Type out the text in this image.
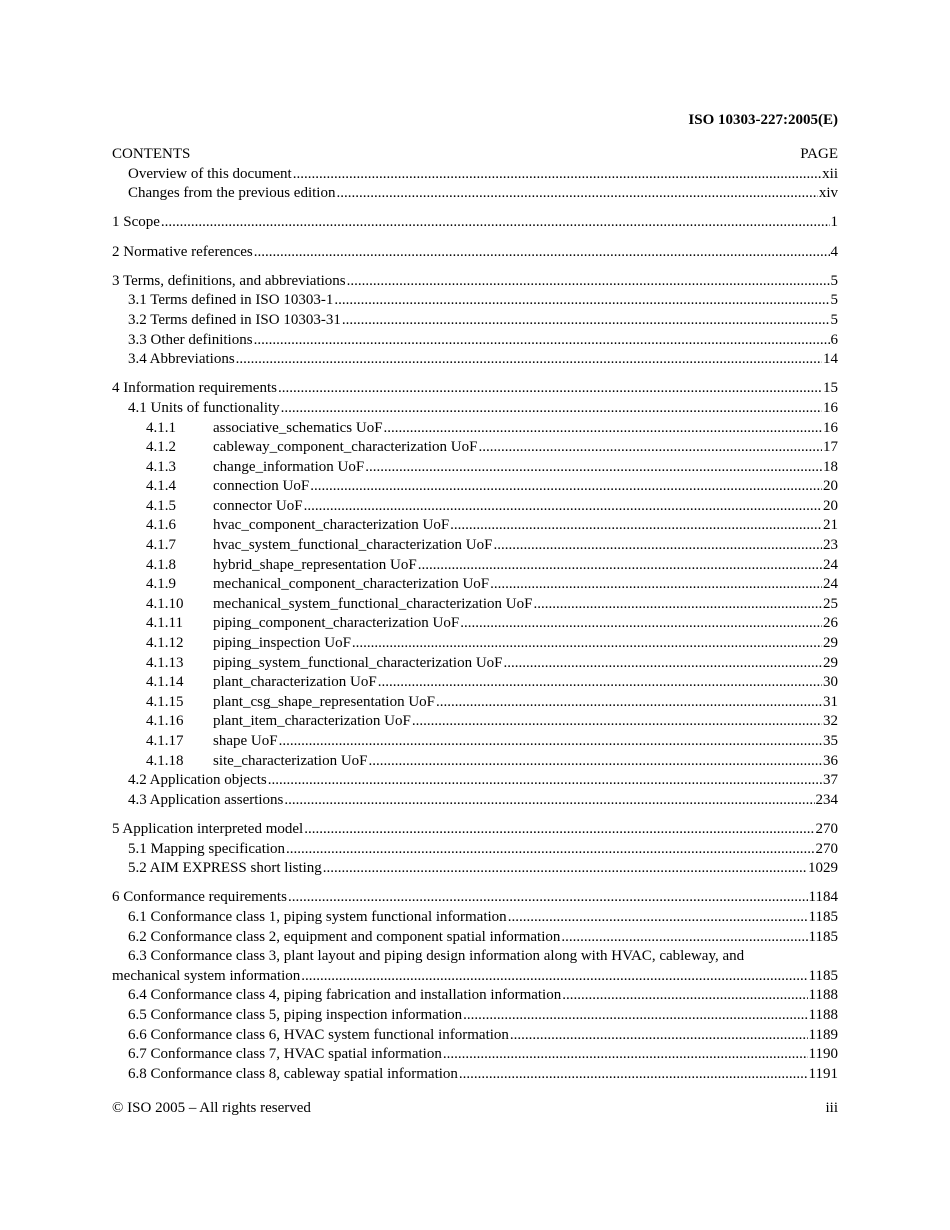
ISO 10303-227:2005(E)
CONTENTS	PAGE
Overview of this document .....	xii
Changes from the previous edition .....	xiv
1 Scope .....	1
2 Normative references .....	4
3 Terms, definitions, and abbreviations .....	5
3.1 Terms defined in ISO 10303-1 .....	5
3.2 Terms defined in ISO 10303-31 .....	5
3.3 Other definitions .....	6
3.4 Abbreviations .....	14
4 Information requirements .....	15
4.1 Units of functionality .....	16
4.1.1	associative_schematics UoF .....	16
4.1.2	cableway_component_characterization UoF .....	17
4.1.3	change_information UoF .....	18
4.1.4	connection UoF .....	20
4.1.5	connector UoF .....	20
4.1.6	hvac_component_characterization UoF .....	21
4.1.7	hvac_system_functional_characterization UoF .....	23
4.1.8	hybrid_shape_representation UoF .....	24
4.1.9	mechanical_component_characterization UoF .....	24
4.1.10	mechanical_system_functional_characterization UoF .....	25
4.1.11	piping_component_characterization UoF .....	26
4.1.12	piping_inspection UoF .....	29
4.1.13	piping_system_functional_characterization UoF .....	29
4.1.14	plant_characterization UoF .....	30
4.1.15	plant_csg_shape_representation UoF .....	31
4.1.16	plant_item_characterization UoF .....	32
4.1.17	shape UoF .....	35
4.1.18	site_characterization UoF .....	36
4.2 Application objects .....	37
4.3 Application assertions .....	234
5 Application interpreted model .....	270
5.1 Mapping specification .....	270
5.2 AIM EXPRESS short listing .....	1029
6 Conformance requirements .....	1184
6.1 Conformance class 1, piping system functional information .....	1185
6.2 Conformance class 2, equipment and component spatial information .....	1185
6.3 Conformance class 3, plant layout and piping design information along with HVAC, cableway, and
mechanical system information .....	1185
6.4 Conformance class 4, piping fabrication and installation information .....	1188
6.5 Conformance class 5, piping inspection information .....	1188
6.6 Conformance class 6, HVAC system functional information .....	1189
6.7 Conformance class 7, HVAC spatial information .....	1190
6.8 Conformance class 8, cableway spatial information .....	1191
© ISO 2005 – All rights reserved	iii
